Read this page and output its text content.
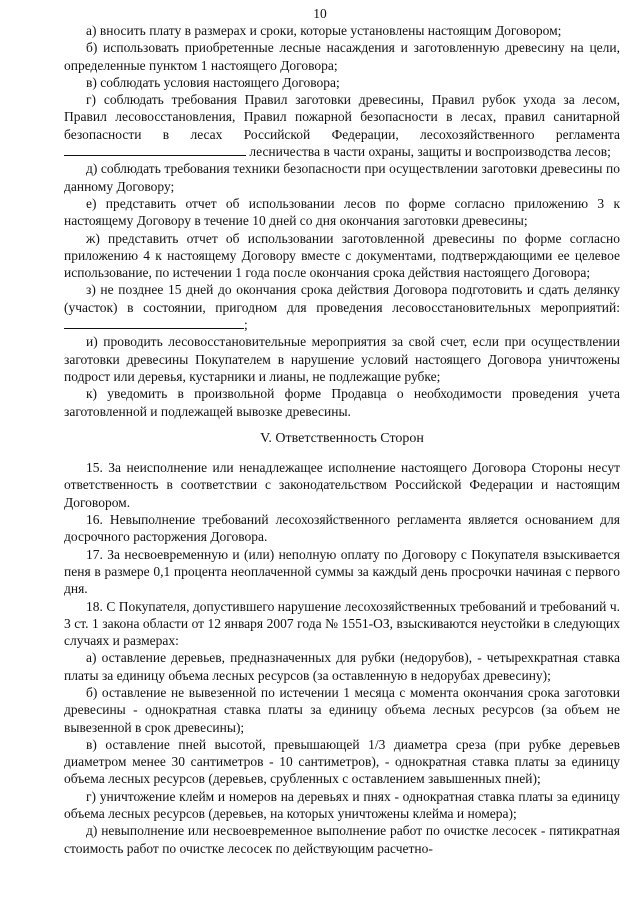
10

а) вносить плату в размерах и сроки, которые установлены настоящим Договором;

б) использовать приобретенные лесные насаждения и заготовленную древесину на цели, определенные пунктом 1 настоящего Договора;

в) соблюдать условия настоящего Договора;

г) соблюдать требования Правил заготовки древесины, Правил рубок ухода за лесом, Правил лесовосстановления, Правил пожарной безопасности в лесах, правил санитарной безопасности в лесах Российской Федерации, лесохозяйственного регламента  лесничества в части охраны, защиты и воспроизводства лесов;

д) соблюдать требования техники безопасности при осуществлении заготовки древесины по данному Договору;

е) представить отчет об использовании лесов по форме согласно приложению 3 к настоящему Договору в течение 10 дней со дня окончания заготовки древесины;

ж) представить отчет об использовании заготовленной древесины по форме согласно приложению 4 к настоящему Договору вместе с документами, подтверждающими ее целевое использование, по истечении 1 года после окончания срока действия настоящего Договора;

з) не позднее 15 дней до окончания срока действия Договора подготовить и сдать делянку (участок) в состоянии, пригодном для проведения лесовосстановительных мероприятий: ;

и) проводить лесовосстановительные мероприятия за свой счет, если при осуществлении заготовки древесины Покупателем в нарушение условий настоящего Договора уничтожены подрост или деревья, кустарники и лианы, не подлежащие рубке;

к) уведомить в произвольной форме Продавца о необходимости проведения учета заготовленной и подлежащей вывозке древесины.

V. Ответственность Сторон

15. За неисполнение или ненадлежащее исполнение настоящего Договора Стороны несут ответственность в соответствии с законодательством Российской Федерации и настоящим Договором.

16. Невыполнение требований лесохозяйственного регламента является основанием для досрочного расторжения Договора.

17. За несвоевременную и (или) неполную оплату по Договору с Покупателя взыскивается пеня в размере 0,1 процента неоплаченной суммы за каждый день просрочки начиная с первого дня.

18. С Покупателя, допустившего нарушение лесохозяйственных требований и требований ч. 3 ст. 1 закона области от 12 января 2007 года № 1551-ОЗ, взыскиваются неустойки в следующих случаях и размерах:

а) оставление деревьев, предназначенных для рубки (недорубов), - четырехкратная ставка платы за единицу объема лесных ресурсов (за оставленную в недорубах древесину);

б) оставление не вывезенной по истечении 1 месяца с момента окончания срока заготовки древесины - однократная ставка платы за единицу объема лесных ресурсов (за объем не вывезенной в срок древесины);

в) оставление пней высотой, превышающей 1/3 диаметра среза (при рубке деревьев диаметром менее 30 сантиметров - 10 сантиметров), - однократная ставка платы за единицу объема лесных ресурсов (деревьев, срубленных с оставлением завышенных пней);

г) уничтожение клейм и номеров на деревьях и пнях - однократная ставка платы за единицу объема лесных ресурсов (деревьев, на которых уничтожены клейма и номера);

д) невыполнение или несвоевременное выполнение работ по очистке лесосек - пятикратная стоимость работ по очистке лесосек по действующим расчетно-
